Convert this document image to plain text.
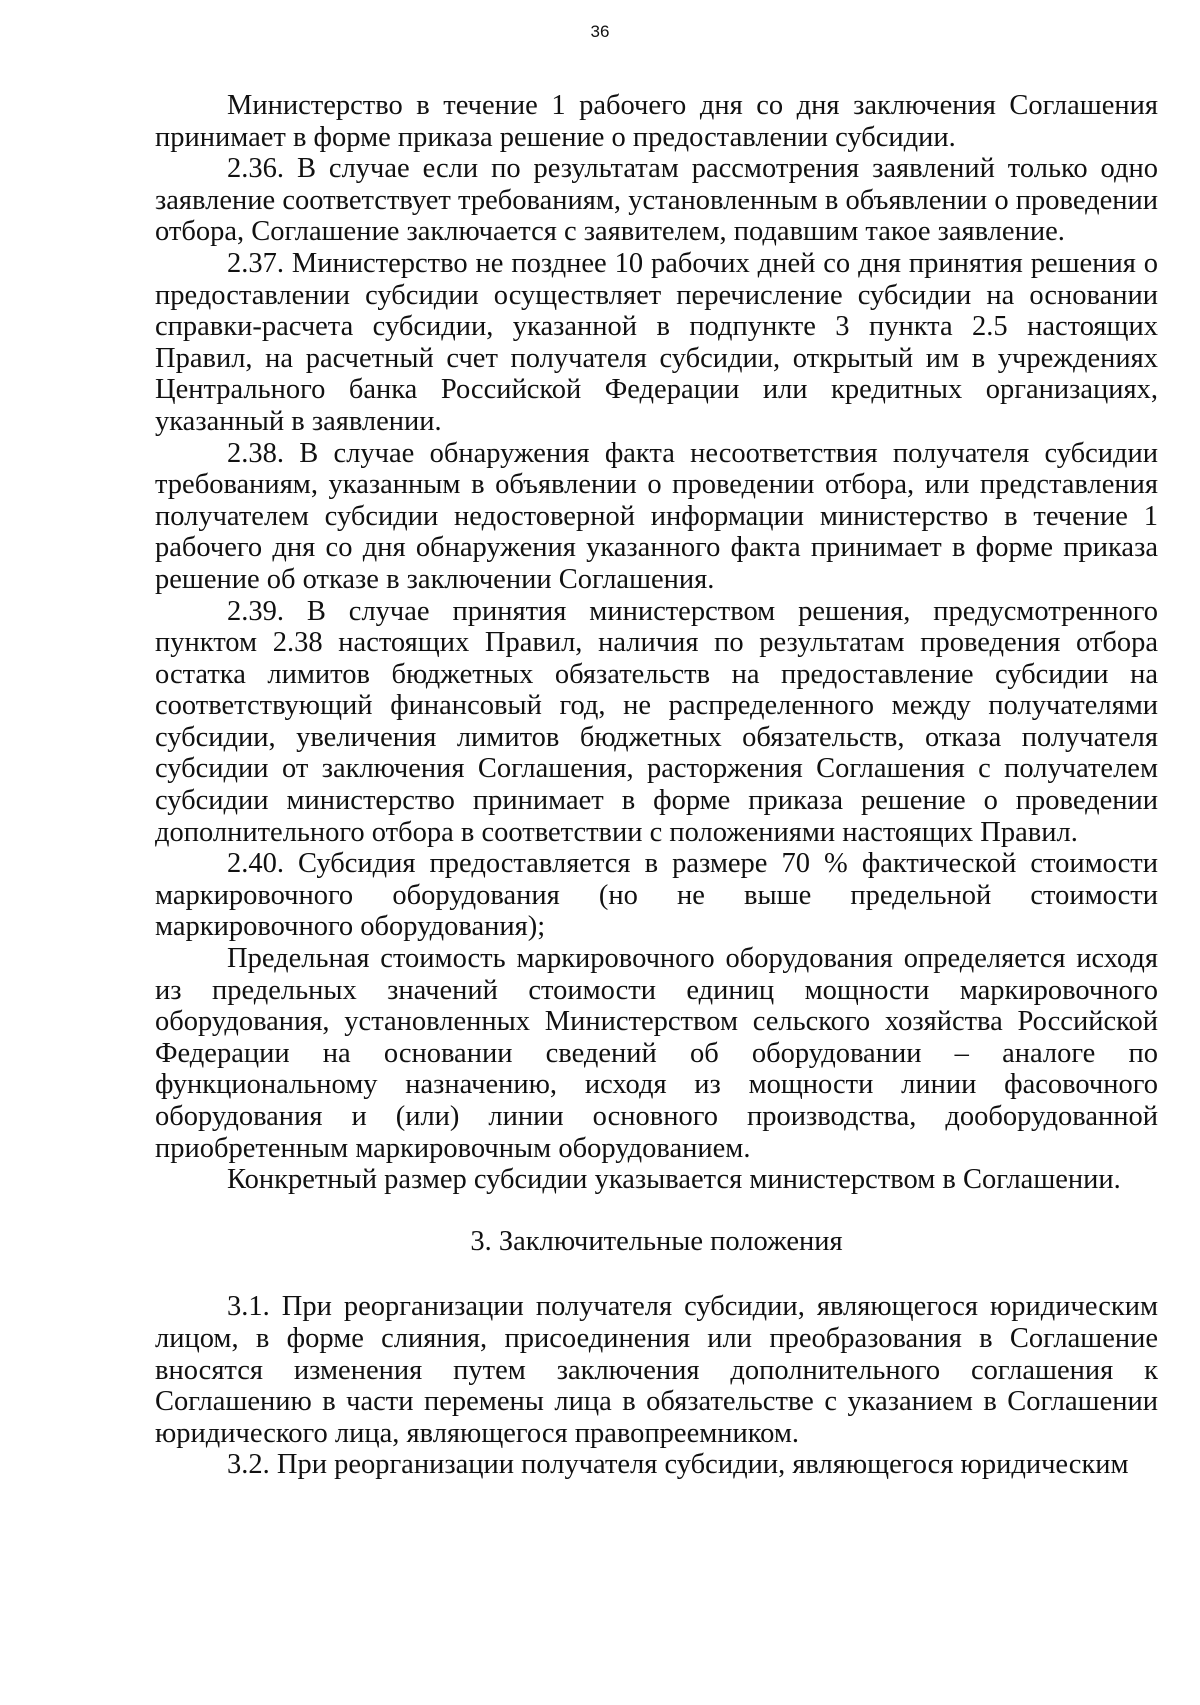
36

Министерство в течение 1 рабочего дня со дня заключения Соглашения принимает в форме приказа решение о предоставлении субсидии.

2.36. В случае если по результатам рассмотрения заявлений только одно заявление соответствует требованиям, установленным в объявлении о проведении отбора, Соглашение заключается с заявителем, подавшим такое заявление.

2.37. Министерство не позднее 10 рабочих дней со дня принятия решения о предоставлении субсидии осуществляет перечисление субсидии на основании справки-расчета субсидии, указанной в подпункте 3 пункта 2.5 настоящих Правил, на расчетный счет получателя субсидии, открытый им в учреждениях Центрального банка Российской Федерации или кредитных организациях, указанный в заявлении.

2.38. В случае обнаружения факта несоответствия получателя субсидии требованиям, указанным в объявлении о проведении отбора, или представления получателем субсидии недостоверной информации министерство в течение 1 рабочего дня со дня обнаружения указанного факта принимает в форме приказа решение об отказе в заключении Соглашения.

2.39. В случае принятия министерством решения, предусмотренного пунктом 2.38 настоящих Правил, наличия по результатам проведения отбора остатка лимитов бюджетных обязательств на предоставление субсидии на соответствующий финансовый год, не распределенного между получателями субсидии, увеличения лимитов бюджетных обязательств, отказа получателя субсидии от заключения Соглашения, расторжения Соглашения с получателем субсидии министерство принимает в форме приказа решение о проведении дополнительного отбора в соответствии с положениями настоящих Правил.

2.40. Субсидия предоставляется в размере 70 % фактической стоимости маркировочного оборудования (но не выше предельной стоимости маркировочного оборудования);

Предельная стоимость маркировочного оборудования определяется исходя из предельных значений стоимости единиц мощности маркировочного оборудования, установленных Министерством сельского хозяйства Российской Федерации на основании сведений об оборудовании – аналоге по функциональному назначению, исходя из мощности линии фасовочного оборудования и (или) линии основного производства, дооборудованной приобретенным маркировочным оборудованием.

Конкретный размер субсидии указывается министерством в Соглашении.

3. Заключительные положения

3.1. При реорганизации получателя субсидии, являющегося юридическим лицом, в форме слияния, присоединения или преобразования в Соглашение вносятся изменения путем заключения дополнительного соглашения к Соглашению в части перемены лица в обязательстве с указанием в Соглашении юридического лица, являющегося правопреемником.

3.2. При реорганизации получателя субсидии, являющегося юридическим
